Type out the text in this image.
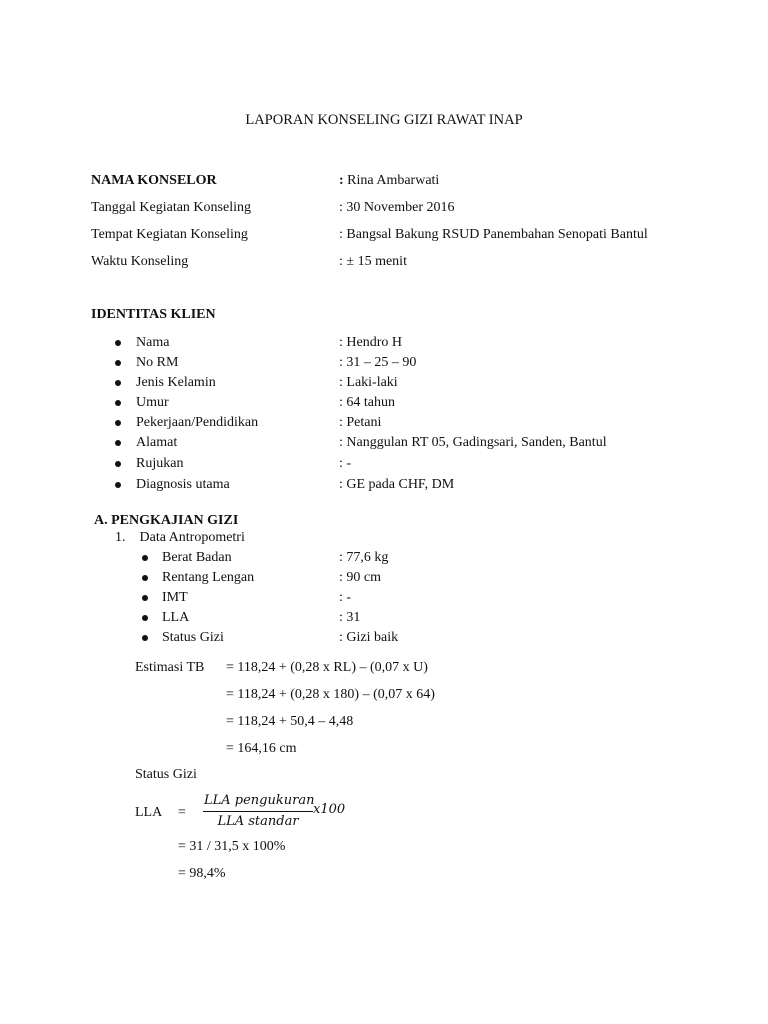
LAPORAN KONSELING GIZI RAWAT INAP
NAMA KONSELOR	: Rina Ambarwati
Tanggal Kegiatan Konseling	: 30 November 2016
Tempat Kegiatan Konseling	: Bangsal Bakung RSUD Panembahan Senopati Bantul
Waktu Konseling	: ± 15 menit
IDENTITAS KLIEN
Nama	: Hendro H
No RM	: 31 – 25 – 90
Jenis Kelamin	: Laki-laki
Umur	: 64 tahun
Pekerjaan/Pendidikan	: Petani
Alamat	: Nanggulan RT 05, Gadingsari, Sanden, Bantul
Rujukan	: -
Diagnosis utama	: GE pada CHF, DM
A. PENGKAJIAN GIZI
1.    Data Antropometri
Berat Badan	: 77,6 kg
Rentang Lengan	: 90 cm
IMT	: -
LLA	: 31
Status Gizi	: Gizi baik
Estimasi TB = 118,24 + (0,28 x RL) – (0,07 x U)
= 118,24 + (0,28 x 180) – (0,07 x 64)
= 118,24 + 50,4 – 4,48
= 164,16 cm
Status Gizi
LLA =
LLA pengukuran
LLA standar
x100
= 31 / 31,5 x 100%
= 98,4%
